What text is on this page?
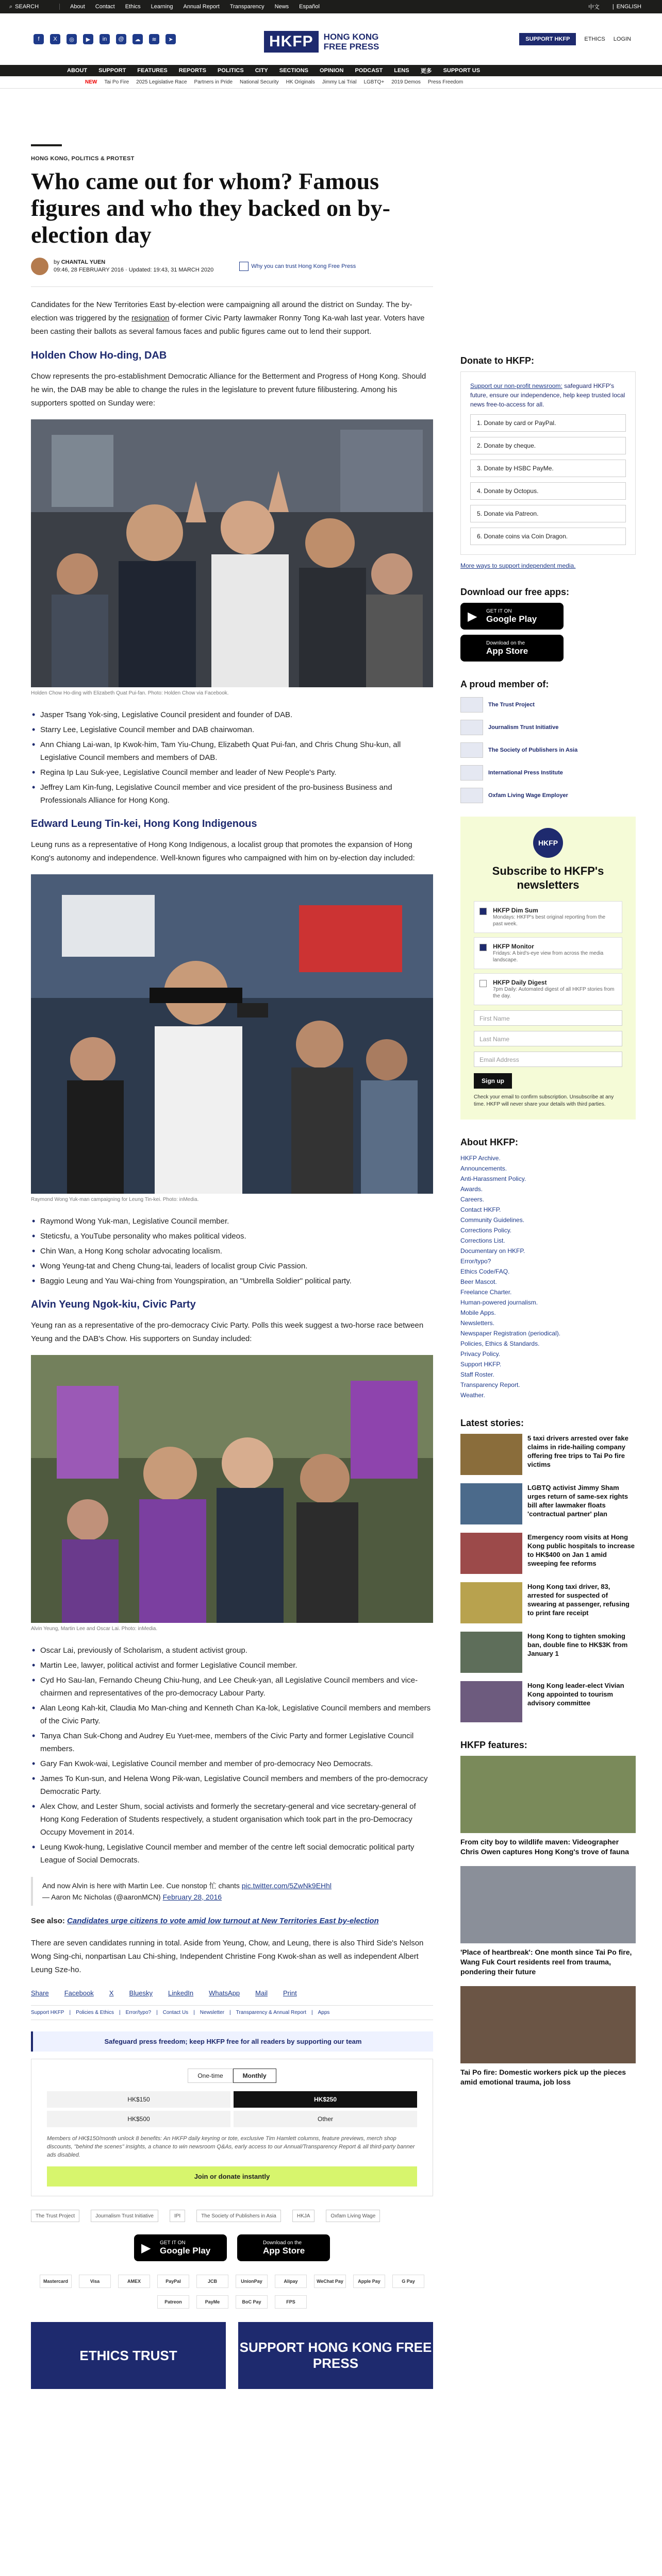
⌕ SEARCH	About Contact Ethics Learning Annual Report Transparency News Español	中文 | ENGLISH
f	X	◎	▶	in	@	☁	≋	➤	HKFP	HONG KONG
FREE PRESS
SUPPORT HKFP	ETHICS LOGIN
ABOUT SUPPORT FEATURES REPORTS POLITICS CITY SECTIONS OPINION PODCAST LENS 更多 SUPPORT US
NEW Tai Po Fire 2025 Legislative Race Partners in Pride National Security HK Originals Jimmy Lai Trial LGBTQ+ 2019 Demos Press Freedom
HONG KONG, POLITICS & PROTEST
Who came out for whom? Famous figures and who they backed on by-election day
by CHANTAL YUEN
09:46, 28 FEBRUARY 2016 · Updated: 19:43, 31 MARCH 2020
Why you can trust Hong Kong Free Press

Candidates for the New Territories East by-election were campaigning all around the district on Sunday. The by-election was triggered by the resignation of former Civic Party lawmaker Ronny Tong Ka-wah last year. Voters have been casting their ballots as several famous faces and public figures came out to lend their support.

Holden Chow Ho-ding, DAB

Chow represents the pro-establishment Democratic Alliance for the Betterment and Progress of Hong Kong. Should he win, the DAB may be able to change the rules in the legislature to prevent future filibustering. Among his supporters spotted on Sunday were:

Holden Chow Ho-ding with Elizabeth Quat Pui-fan. Photo: Holden Chow via Facebook.
• Jasper Tsang Yok-sing, Legislative Council president and founder of DAB.
• Starry Lee, Legislative Council member and DAB chairwoman.
• Ann Chiang Lai-wan, Ip Kwok-him, Tam Yiu-Chung, Elizabeth Quat Pui-fan, and Chris Chung Shu-kun, all Legislative Council members and members of DAB.
• Regina Ip Lau Suk-yee, Legislative Council member and leader of New People's Party.
• Jeffrey Lam Kin-fung, Legislative Council member and vice president of the pro-business Business and Professionals Alliance for Hong Kong.
Edward Leung Tin-kei, Hong Kong Indigenous

Leung runs as a representative of Hong Kong Indigenous, a localist group that promotes the expansion of Hong Kong's autonomy and independence. Well-known figures who campaigned with him on by-election day included:

Raymond Wong Yuk-man campaigning for Leung Tin-kei. Photo: inMedia.
• Raymond Wong Yuk-man, Legislative Council member.
• Steticsfu, a YouTube personality who makes political videos.
• Chin Wan, a Hong Kong scholar advocating localism.
• Wong Yeung-tat and Cheng Chung-tai, leaders of localist group Civic Passion.
• Baggio Leung and Yau Wai-ching from Youngspiration, an "Umbrella Soldier" political party.
Alvin Yeung Ngok-kiu, Civic Party

Yeung ran as a representative of the pro-democracy Civic Party. Polls this week suggest a two-horse race between Yeung and the DAB's Chow. His supporters on Sunday included:

Alvin Yeung, Martin Lee and Oscar Lai. Photo: inMedia.
• Oscar Lai, previously of Scholarism, a student activist group.
• Martin Lee, lawyer, political activist and former Legislative Council member.
• Cyd Ho Sau-lan, Fernando Cheung Chiu-hung, and Lee Cheuk-yan, all Legislative Council members and vice-chairmen and representatives of the pro-democracy Labour Party.
• Alan Leong Kah-kit, Claudia Mo Man-ching and Kenneth Chan Ka-lok, Legislative Council members and members of the Civic Party.
• Tanya Chan Suk-Chong and Audrey Eu Yuet-mee, members of the Civic Party and former Legislative Council members.
• Gary Fan Kwok-wai, Legislative Council member and member of pro-democracy Neo Democrats.
• James To Kun-sun, and Helena Wong Pik-wan, Legislative Council members and members of the pro-democracy Democratic Party.
• Alex Chow, and Lester Shum, social activists and formerly the secretary-general and vice secretary-general of Hong Kong Federation of Students respectively, a student organisation which took part in the pro-Democracy Occupy Movement in 2014.
• Leung Kwok-hung, Legislative Council member and member of the centre left social democratic political party League of Social Democrats.
And now Alvin is here with Martin Lee. Cue nonstop 忙 chants pic.twitter.com/5ZwNk9EHhl
— Aaron Mc Nicholas (@aaronMCN) February 28, 2016
See also: Candidates urge citizens to vote amid low turnout at New Territories East by-election

There are seven candidates running in total. Aside from Yeung, Chow, and Leung, there is also Third Side's Nelson Wong Sing-chi, nonpartisan Lau Chi-shing, Independent Christine Fong Kwok-shan as well as independent Albert Leung Sze-ho.

Share Facebook X Bluesky LinkedIn WhatsApp Mail Print
Support HKFP | Policies & Ethics | Error/typo? | Contact Us | Newsletter | Transparency & Annual Report | Apps
Safeguard press freedom; keep HKFP free for all readers by supporting our team
One-time	Monthly
HK$150	HK$250
HK$500	Other
Members of HK$150/month unlock 8 benefits: An HKFP daily keyring or tote, exclusive Tim Hamlett columns, feature previews, merch shop discounts, "behind the scenes" insights, a chance to win newsroom Q&As, early access to our Annual/Transparency Report & all third-party banner ads disabled.
Join or donate instantly
The Trust Project	Journalism Trust Initiative	IPI	The Society of Publishers in Asia	HKJA	Oxfam Living Wage
▶ GET IT ON
Google Play
Download on the
App Store
Mastercard	Visa	AMEX	PayPal	JCB	UnionPay	Alipay	WeChat Pay	Apple Pay	G Pay
Patreon	PayMe	BoC Pay	FPS
ETHICS TRUST
SUPPORT HONG KONG FREE PRESS
Donate to HKFP:
Support our non-profit newsroom: safeguard HKFP's future, ensure our independence, help keep trusted local news free-to-access for all.
1. Donate by card or PayPal.
2. Donate by cheque.
3. Donate by HSBC PayMe.
4. Donate by Octopus.
5. Donate via Patreon.
6. Donate coins via Coin Dragon.
More ways to support independent media.
Download our free apps:
▶ GET IT ON
Google Play
Download on the
App Store
A proud member of:
The Trust Project
Journalism Trust Initiative
The Society of Publishers in Asia
International Press Institute
Oxfam Living Wage Employer
HKFP
Subscribe to HKFP's newsletters
HKFP Dim Sum
Mondays: HKFP's best original reporting from the past week.
HKFP Monitor
Fridays: A bird's-eye view from across the media landscape.
HKFP Daily Digest
7pm Daily: Automated digest of all HKFP stories from the day.
First Name
Last Name
Email Address
Sign up
Check your email to confirm subscription. Unsubscribe at any time. HKFP will never share your details with third parties.
About HKFP:
HKFP Archive.
Announcements.
Anti-Harassment Policy.
Awards.
Careers.
Contact HKFP.
Community Guidelines.
Corrections Policy.
Corrections List.
Documentary on HKFP.
Error/typo?
Ethics Code/FAQ.
Beer Mascot.
Freelance Charter.
Human-powered journalism.
Mobile Apps.
Newsletters.
Newspaper Registration (periodical).
Policies, Ethics & Standards.
Privacy Policy.
Support HKFP.
Staff Roster.
Transparency Report.
Weather.
Latest stories:
5 taxi drivers arrested over fake claims in ride-hailing company offering free trips to Tai Po fire victims
LGBTQ activist Jimmy Sham urges return of same-sex rights bill after lawmaker floats 'contractual partner' plan
Emergency room visits at Hong Kong public hospitals to increase to HK$400 on Jan 1 amid sweeping fee reforms
Hong Kong taxi driver, 83, arrested for suspected of swearing at passenger, refusing to print fare receipt
Hong Kong to tighten smoking ban, double fine to HK$3K from January 1
Hong Kong leader-elect Vivian Kong appointed to tourism advisory committee
HKFP features:
From city boy to wildlife maven: Videographer Chris Owen captures Hong Kong's trove of fauna
'Place of heartbreak': One month since Tai Po fire, Wang Fuk Court residents reel from trauma, pondering their future
Tai Po fire: Domestic workers pick up the pieces amid emotional trauma, job loss
